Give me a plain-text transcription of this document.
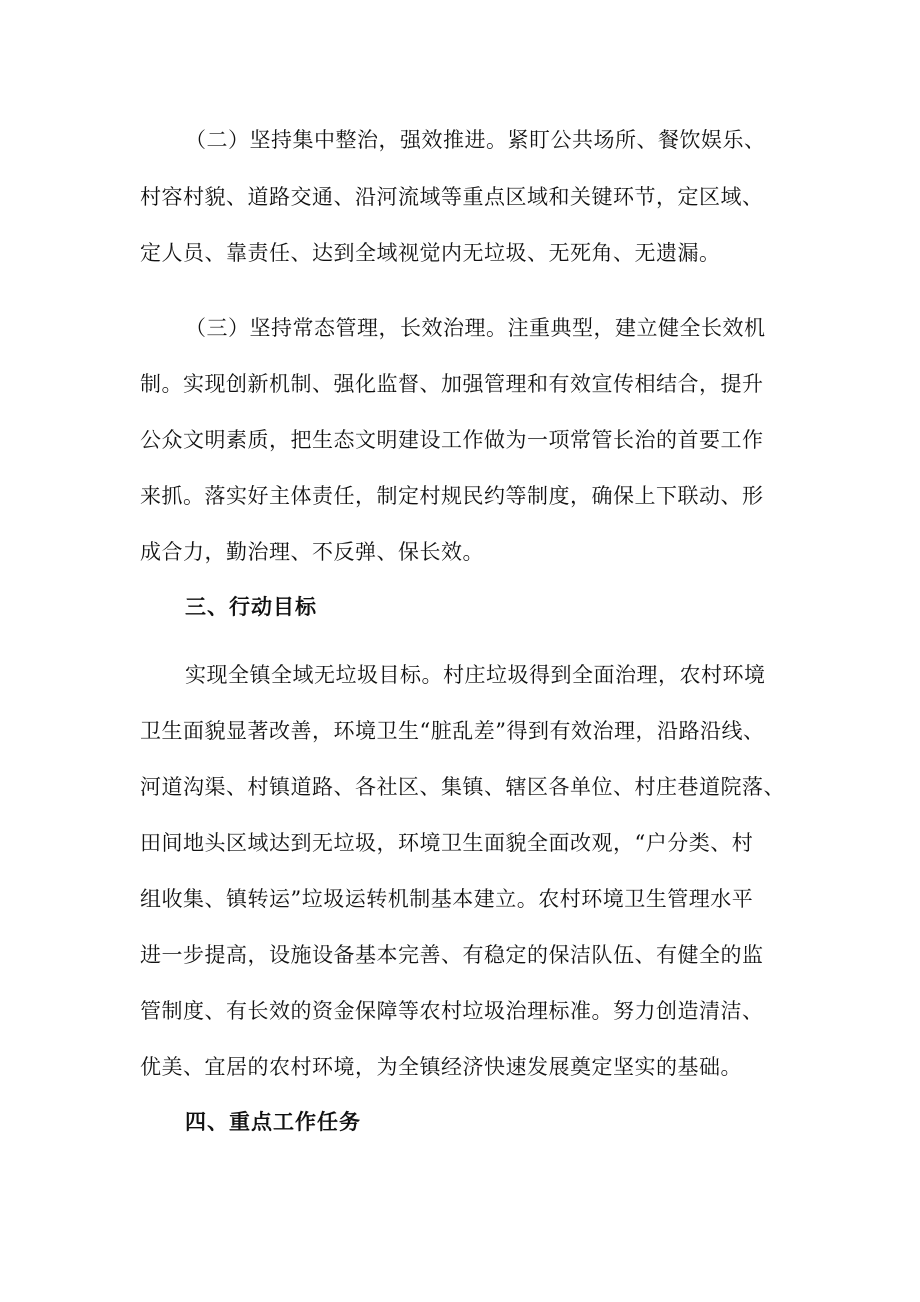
（二）坚持集中整治，强效推进。紧盯公共场所、餐饮娱乐、
村容村貌、道路交通、沿河流域等重点区域和关键环节，定区域、
定人员、靠责任、达到全域视觉内无垃圾、无死角、无遗漏。
（三）坚持常态管理，长效治理。注重典型，建立健全长效机
制。实现创新机制、强化监督、加强管理和有效宣传相结合，提升
公众文明素质，把生态文明建设工作做为一项常管长治的首要工作
来抓。落实好主体责任，制定村规民约等制度，确保上下联动、形
成合力，勤治理、不反弹、保长效。
三、行动目标
实现全镇全域无垃圾目标。村庄垃圾得到全面治理，农村环境
卫生面貌显著改善，环境卫生“脏乱差”得到有效治理，沿路沿线、
河道沟渠、村镇道路、各社区、集镇、辖区各单位、村庄巷道院落、
田间地头区域达到无垃圾，环境卫生面貌全面改观，“户分类、村
组收集、镇转运”垃圾运转机制基本建立。农村环境卫生管理水平
进一步提高，设施设备基本完善、有稳定的保洁队伍、有健全的监
管制度、有长效的资金保障等农村垃圾治理标准。努力创造清洁、
优美、宜居的农村环境，为全镇经济快速发展奠定坚实的基础。
四、重点工作任务
